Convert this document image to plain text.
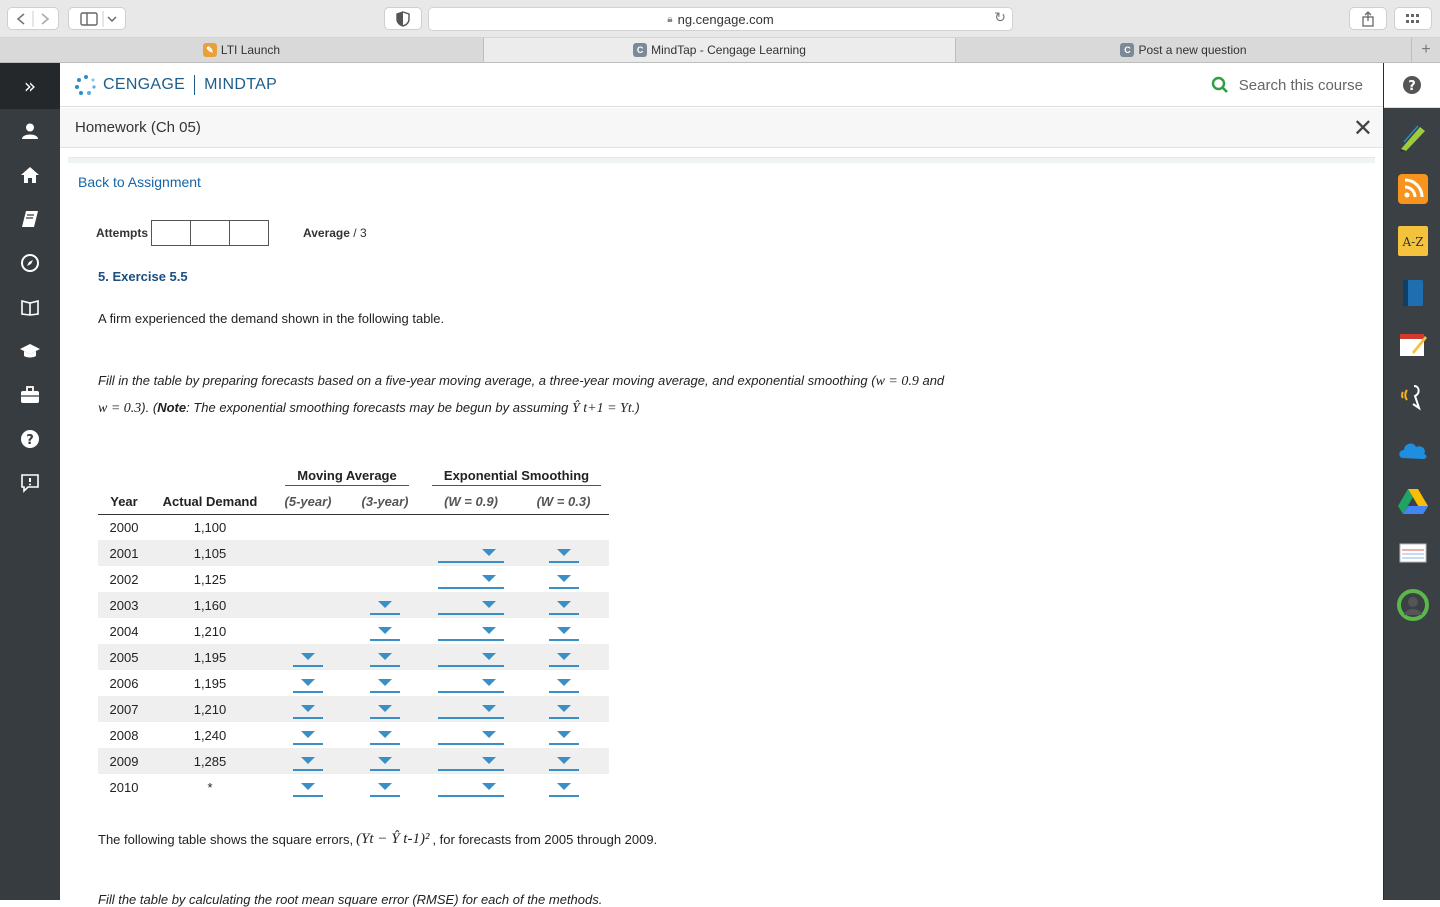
🔒︎ ng.cengage.com	↻
✎ LTI Launch	C MindTap - Cengage Learning	C Post a new question	+
»
?
CENGAGE MINDTAP	Search this course
Homework (Ch 05)	✕
?
A-Z
Back to Assignment
Attempts	Average / 3
5. Exercise 5.5
A firm experienced the demand shown in the following table.
Fill in the table by preparing forecasts based on a five-year moving average, a three-year moving average, and exponential smoothing (w = 0.9 and
w = 0.3). (Note: The exponential smoothing forecasts may be begun by assuming Ŷ t+1 = Yt.)
		Moving Average		Exponential Smoothing	
Year	Actual Demand	(5-year)	(3-year)	(W = 0.9)	(W = 0.3)
2000	1,100				
2001	1,105				
2002	1,125				
2003	1,160				
2004	1,210				
2005	1,195				
2006	1,195				
2007	1,210				
2008	1,240				
2009	1,285				
2010	*				
The following table shows the square errors, (Yt − Ŷ t-1)² , for forecasts from 2005 through 2009.
Fill the table by calculating the root mean square error (RMSE) for each of the methods.
